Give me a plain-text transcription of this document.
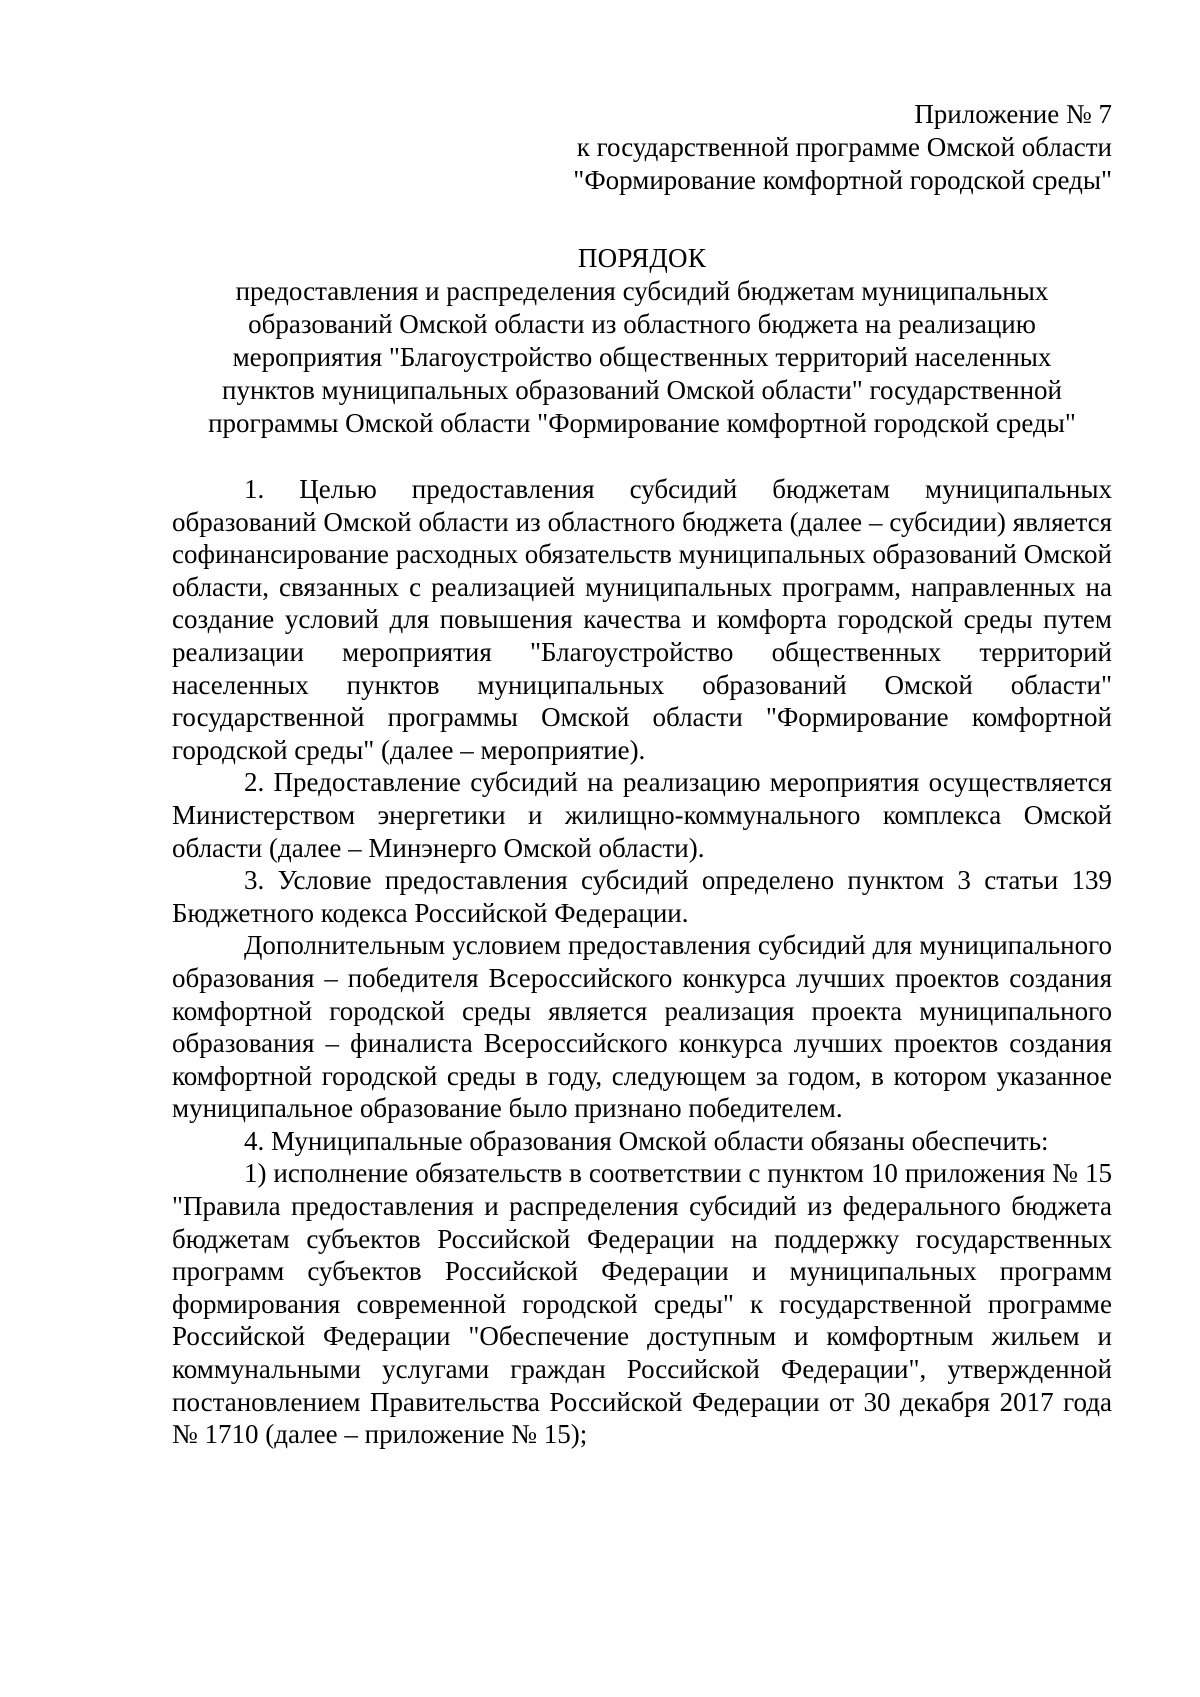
Приложение № 7
к государственной программе Омской области
"Формирование комфортной городской среды"
ПОРЯДОК
предоставления и распределения субсидий бюджетам муниципальных
образований Омской области из областного бюджета на реализацию
мероприятия "Благоустройство общественных территорий населенных
пунктов муниципальных образований Омской области" государственной
программы Омской области "Формирование комфортной городской среды"

1. Целью предоставления субсидий бюджетам муниципальных образований Омской области из областного бюджета (далее – субсидии) является софинансирование расходных обязательств муниципальных образований Омской области, связанных с реализацией муниципальных программ, направленных на создание условий для повышения качества и комфорта городской среды путем реализации мероприятия "Благоустройство общественных территорий населенных пунктов муниципальных образований Омской области" государственной программы Омской области "Формирование комфортной городской среды" (далее – мероприятие).

2. Предоставление субсидий на реализацию мероприятия осуществляется Министерством энергетики и жилищно-коммунального комплекса Омской области (далее – Минэнерго Омской области).

3. Условие предоставления субсидий определено пунктом 3 статьи 139 Бюджетного кодекса Российской Федерации.

Дополнительным условием предоставления субсидий для муниципального образования – победителя Всероссийского конкурса лучших проектов создания комфортной городской среды является реализация проекта муниципального образования – финалиста Всероссийского конкурса лучших проектов создания комфортной городской среды в году, следующем за годом, в котором указанное муниципальное образование было признано победителем.

4. Муниципальные образования Омской области обязаны обеспечить:

1) исполнение обязательств в соответствии с пунктом 10 приложения № 15 "Правила предоставления и распределения субсидий из федерального бюджета бюджетам субъектов Российской Федерации на поддержку государственных программ субъектов Российской Федерации и муниципальных программ формирования современной городской среды" к государственной программе Российской Федерации "Обеспечение доступным и комфортным жильем и коммунальными услугами граждан Российской Федерации", утвержденной постановлением Правительства Российской Федерации от 30 декабря 2017 года № 1710 (далее – приложение № 15);
